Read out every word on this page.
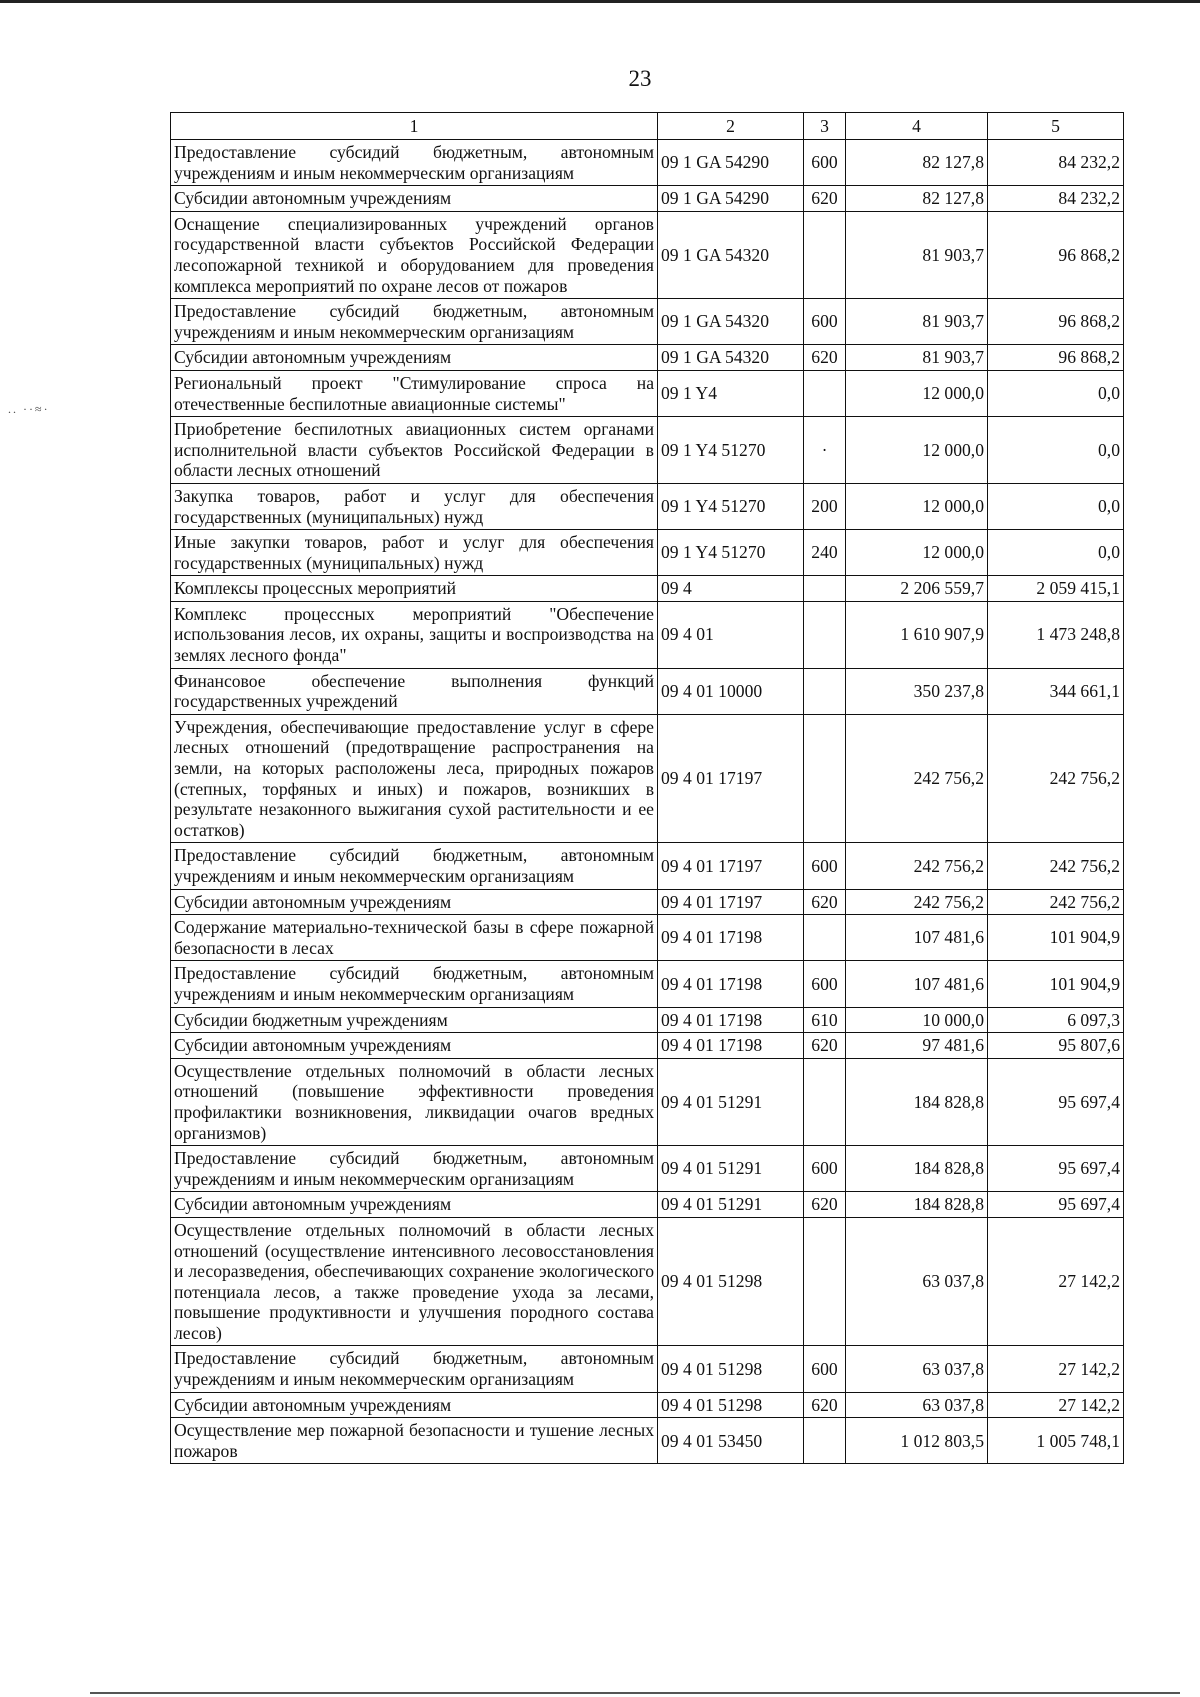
.. ··≈·
23
1	2	3	4	5
Предоставление субсидий бюджетным, автономным учреждениям и иным некоммерческим организациям	09 1 GA 54290	600	82 127,8	84 232,2
Субсидии автономным учреждениям	09 1 GA 54290	620	82 127,8	84 232,2
Оснащение специализированных учреждений органов государственной власти субъектов Российской Федерации лесопожарной техникой и оборудованием для проведения комплекса мероприятий по охране лесов от пожаров	09 1 GA 54320		81 903,7	96 868,2
Предоставление субсидий бюджетным, автономным учреждениям и иным некоммерческим организациям	09 1 GA 54320	600	81 903,7	96 868,2
Субсидии автономным учреждениям	09 1 GA 54320	620	81 903,7	96 868,2
Региональный проект "Стимулирование спроса на отечественные беспилотные авиационные системы"	09 1 Y4		12 000,0	0,0
Приобретение беспилотных авиационных систем органами исполнительной власти субъектов Российской Федерации в области лесных отношений	09 1 Y4 51270	·	12 000,0	0,0
Закупка товаров, работ и услуг для обеспечения государственных (муниципальных) нужд	09 1 Y4 51270	200	12 000,0	0,0
Иные закупки товаров, работ и услуг для обеспечения государственных (муниципальных) нужд	09 1 Y4 51270	240	12 000,0	0,0
Комплексы процессных мероприятий	09 4		2 206 559,7	2 059 415,1
Комплекс процессных мероприятий "Обеспечение использования лесов, их охраны, защиты и воспроизводства на землях лесного фонда"	09 4 01		1 610 907,9	1 473 248,8
Финансовое обеспечение выполнения функций государственных учреждений	09 4 01 10000		350 237,8	344 661,1
Учреждения, обеспечивающие предоставление услуг в сфере лесных отношений (предотвращение распространения на земли, на которых расположены леса, природных пожаров (степных, торфяных и иных) и пожаров, возникших в результате незаконного выжигания сухой растительности и ее остатков)	09 4 01 17197		242 756,2	242 756,2
Предоставление субсидий бюджетным, автономным учреждениям и иным некоммерческим организациям	09 4 01 17197	600	242 756,2	242 756,2
Субсидии автономным учреждениям	09 4 01 17197	620	242 756,2	242 756,2
Содержание материально-технической базы в сфере пожарной безопасности в лесах	09 4 01 17198		107 481,6	101 904,9
Предоставление субсидий бюджетным, автономным учреждениям и иным некоммерческим организациям	09 4 01 17198	600	107 481,6	101 904,9
Субсидии бюджетным учреждениям	09 4 01 17198	610	10 000,0	6 097,3
Субсидии автономным учреждениям	09 4 01 17198	620	97 481,6	95 807,6
Осуществление отдельных полномочий в области лесных отношений (повышение эффективности проведения профилактики возникновения, ликвидации очагов вредных организмов)	09 4 01 51291		184 828,8	95 697,4
Предоставление субсидий бюджетным, автономным учреждениям и иным некоммерческим организациям	09 4 01 51291	600	184 828,8	95 697,4
Субсидии автономным учреждениям	09 4 01 51291	620	184 828,8	95 697,4
Осуществление отдельных полномочий в области лесных отношений (осуществление интенсивного лесовосстановления и лесоразведения, обеспечивающих сохранение экологического потенциала лесов, а также проведение ухода за лесами, повышение продуктивности и улучшения породного состава лесов)	09 4 01 51298		63 037,8	27 142,2
Предоставление субсидий бюджетным, автономным учреждениям и иным некоммерческим организациям	09 4 01 51298	600	63 037,8	27 142,2
Субсидии автономным учреждениям	09 4 01 51298	620	63 037,8	27 142,2
Осуществление мер пожарной безопасности и тушение лесных пожаров	09 4 01 53450		1 012 803,5	1 005 748,1
